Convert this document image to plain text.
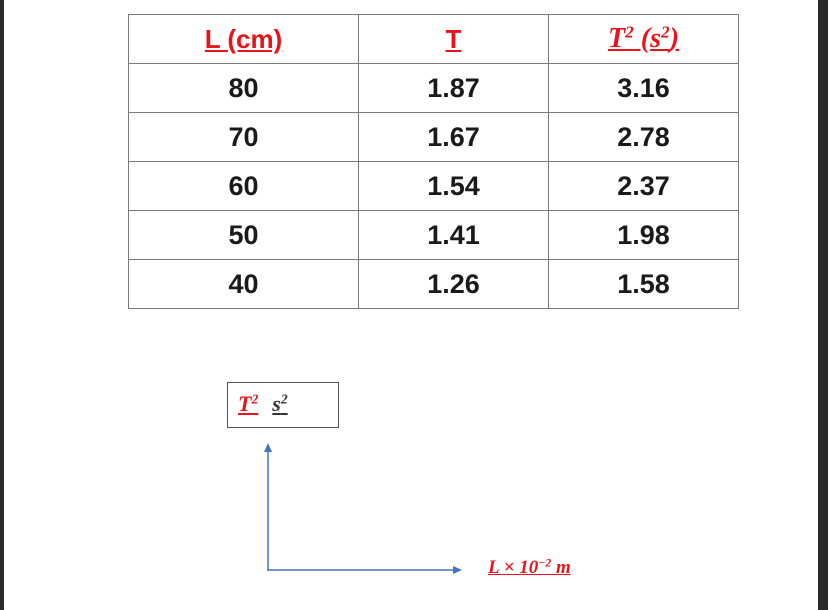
L (cm)	T	$T^2$ $(s^2)$
80	1.87	3.16
70	1.67	2.78
60	1.54	2.37
50	1.41	1.98
40	1.26	1.58
$T^2$ $s^2$
$L \times 10^{-2}$ m
